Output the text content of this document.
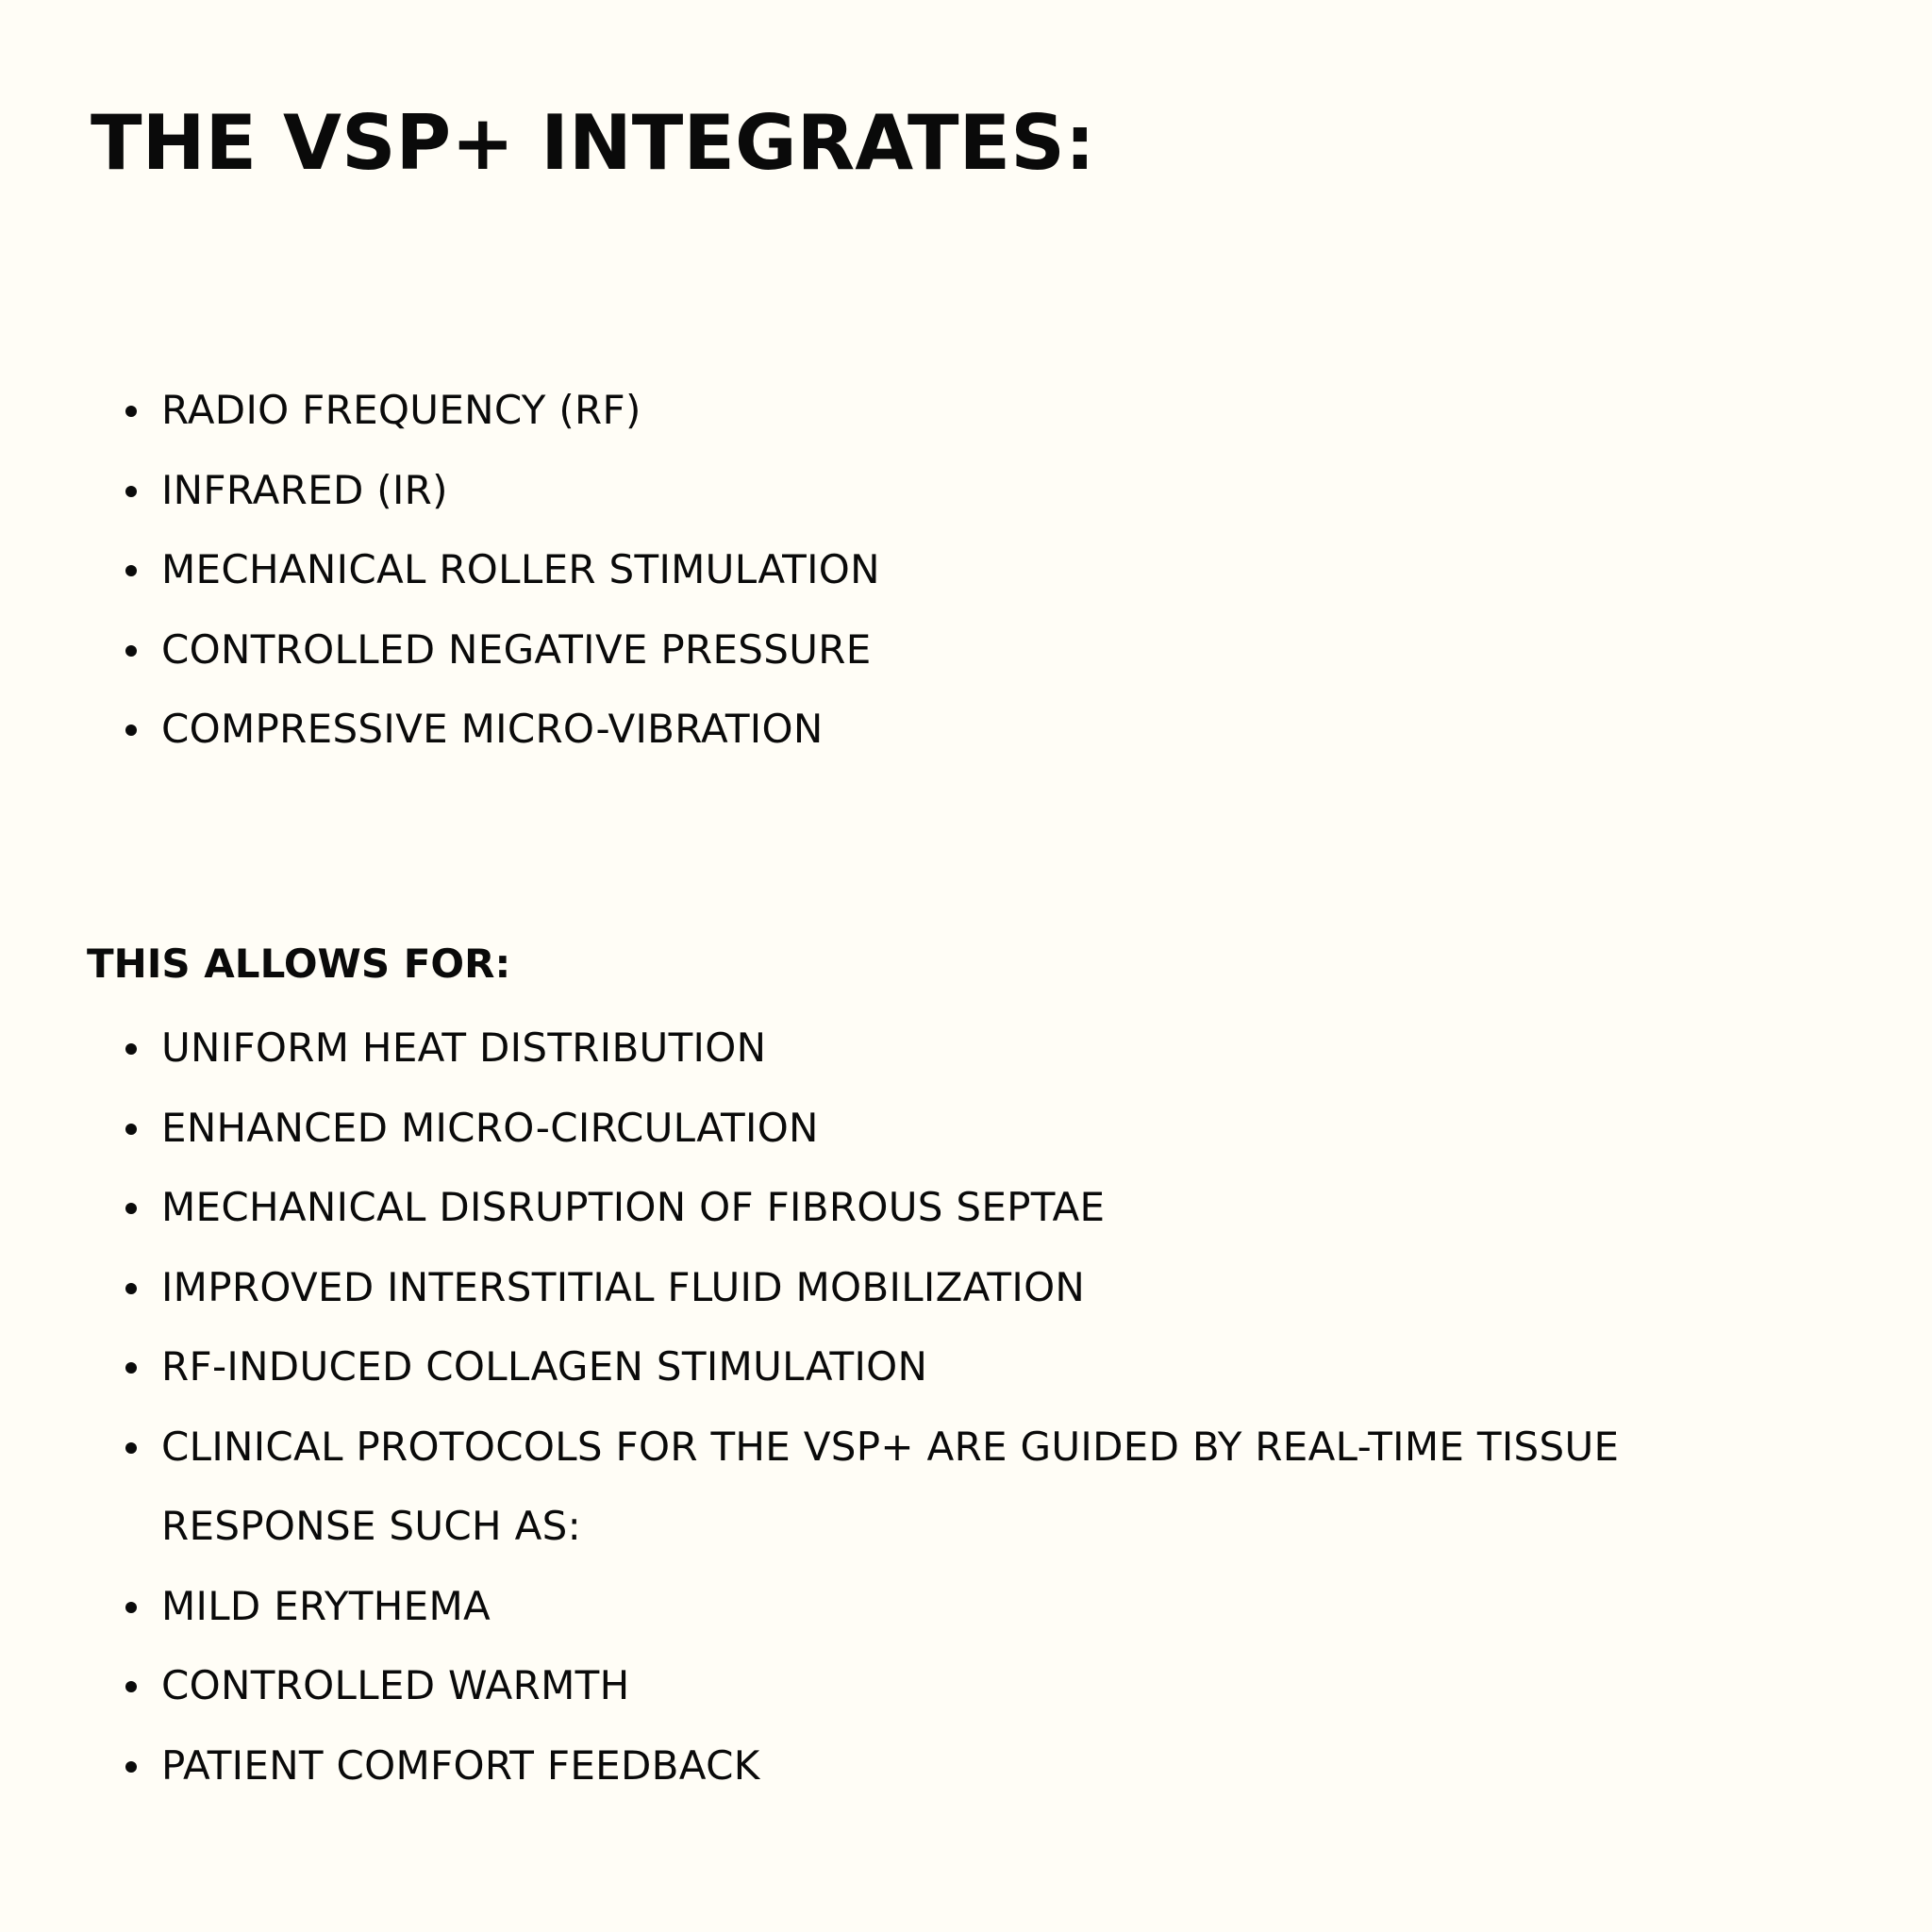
THE VSP+ INTEGRATES:
RADIO FREQUENCY (RF)
INFRARED (IR)
MECHANICAL ROLLER STIMULATION
CONTROLLED NEGATIVE PRESSURE
COMPRESSIVE MICRO-VIBRATION
THIS ALLOWS FOR:
UNIFORM HEAT DISTRIBUTION
ENHANCED MICRO-CIRCULATION
MECHANICAL DISRUPTION OF FIBROUS SEPTAE
IMPROVED INTERSTITIAL FLUID MOBILIZATION
RF-INDUCED COLLAGEN STIMULATION
CLINICAL PROTOCOLS FOR THE VSP+ ARE GUIDED BY REAL-TIME TISSUE
RESPONSE SUCH AS:
MILD ERYTHEMA
CONTROLLED WARMTH
PATIENT COMFORT FEEDBACK
